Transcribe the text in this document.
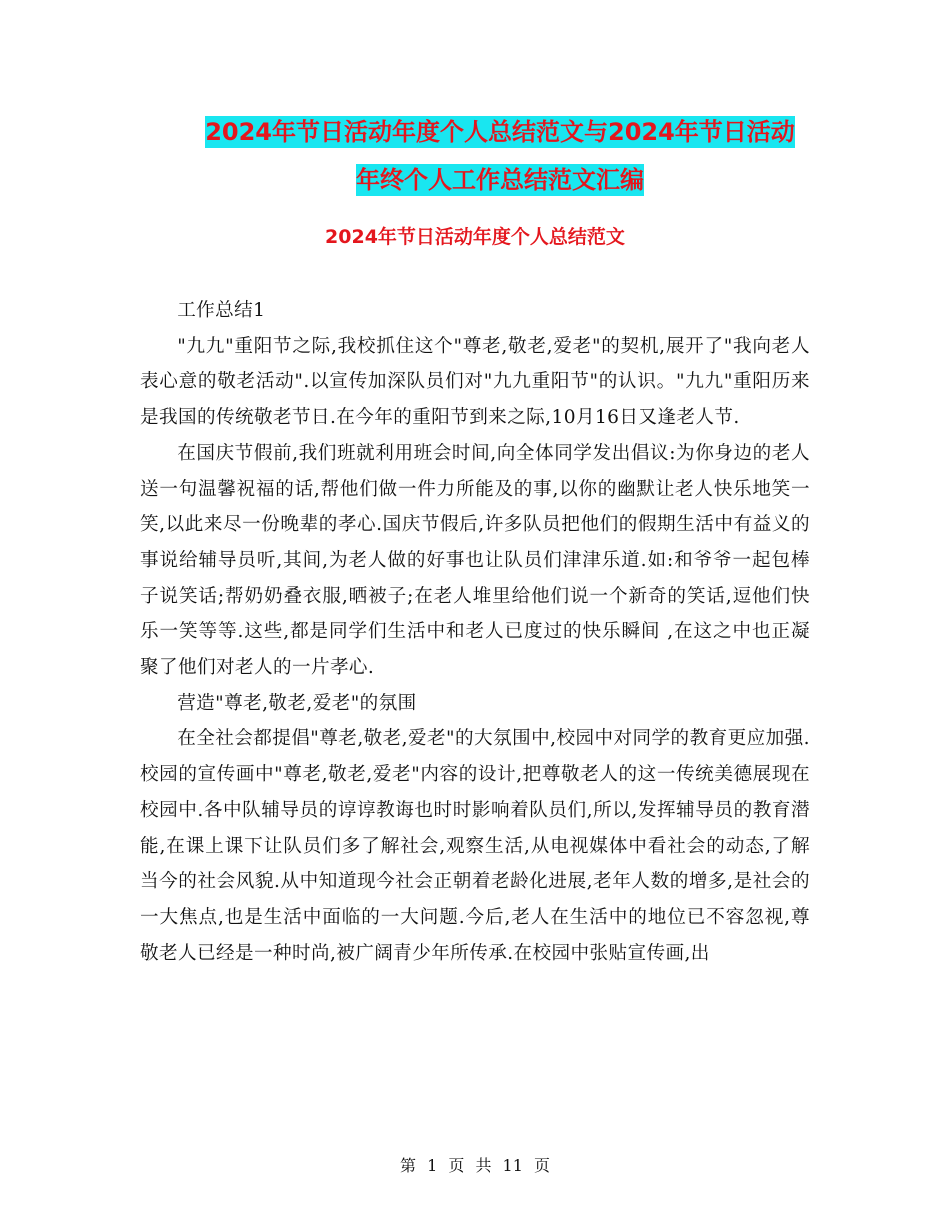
2024年节日活动年度个人总结范文与2024年节日活动
年终个人工作总结范文汇编
2024年节日活动年度个人总结范文

工作总结1

"九九"重阳节之际,我校抓住这个"尊老,敬老,爱老"的契机,展开了"我向老人表心意的敬老活动".以宣传加深队员们对"九九重阳节"的认识。"九九"重阳历来是我国的传统敬老节日.在今年的重阳节到来之际,10月16日又逢老人节.

在国庆节假前,我们班就利用班会时间,向全体同学发出倡议:为你身边的老人送一句温馨祝福的话,帮他们做一件力所能及的事,以你的幽默让老人快乐地笑一笑,以此来尽一份晚辈的孝心.国庆节假后,许多队员把他们的假期生活中有益义的事说给辅导员听,其间,为老人做的好事也让队员们津津乐道.如:和爷爷一起包棒子说笑话;帮奶奶叠衣服,晒被子;在老人堆里给他们说一个新奇的笑话,逗他们快乐一笑等等.这些,都是同学们生活中和老人已度过的快乐瞬间 ,在这之中也正凝聚了他们对老人的一片孝心.

营造"尊老,敬老,爱老"的氛围

在全社会都提倡"尊老,敬老,爱老"的大氛围中,校园中对同学的教育更应加强.校园的宣传画中"尊老,敬老,爱老"内容的设计,把尊敬老人的这一传统美德展现在校园中.各中队辅导员的谆谆教诲也时时影响着队员们,所以,发挥辅导员的教育潜能,在课上课下让队员们多了解社会,观察生活,从电视媒体中看社会的动态,了解当今的社会风貌.从中知道现今社会正朝着老龄化进展,老年人数的增多,是社会的一大焦点,也是生活中面临的一大问题.今后,老人在生活中的地位已不容忽视,尊敬老人已经是一种时尚,被广阔青少年所传承.在校园中张贴宣传画,出

第 1 页 共 11 页
